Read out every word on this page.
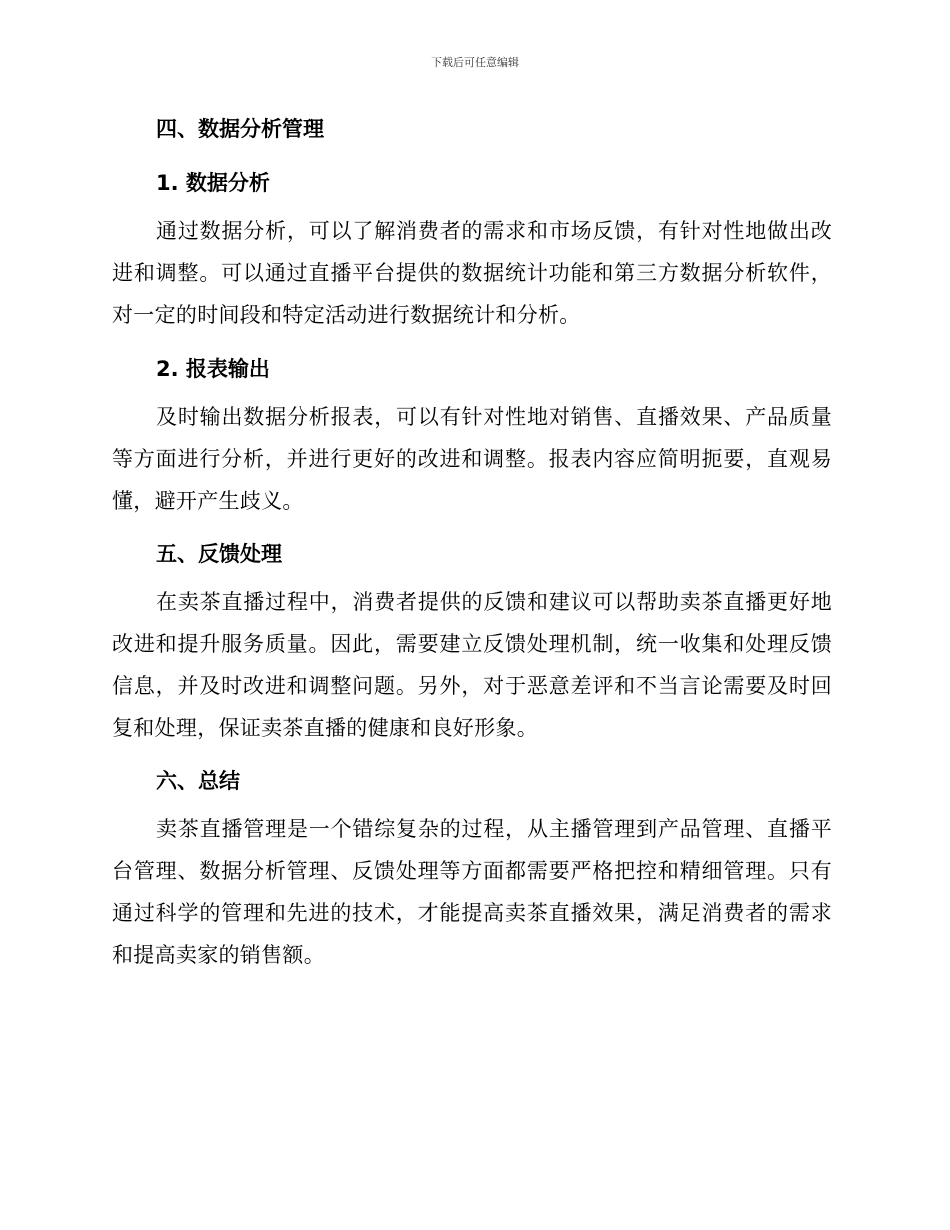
下载后可任意编辑
四、数据分析管理
1. 数据分析

通过数据分析，可以了解消费者的需求和市场反馈，有针对性地做出改进和调整。可以通过直播平台提供的数据统计功能和第三方数据分析软件，对一定的时间段和特定活动进行数据统计和分析。

2. 报表输出

及时输出数据分析报表，可以有针对性地对销售、直播效果、产品质量等方面进行分析，并进行更好的改进和调整。报表内容应简明扼要，直观易懂，避开产生歧义。

五、反馈处理

在卖茶直播过程中，消费者提供的反馈和建议可以帮助卖茶直播更好地改进和提升服务质量。因此，需要建立反馈处理机制，统一收集和处理反馈信息，并及时改进和调整问题。另外，对于恶意差评和不当言论需要及时回复和处理，保证卖茶直播的健康和良好形象。

六、总结

卖茶直播管理是一个错综复杂的过程，从主播管理到产品管理、直播平台管理、数据分析管理、反馈处理等方面都需要严格把控和精细管理。只有通过科学的管理和先进的技术，才能提高卖茶直播效果，满足消费者的需求和提高卖家的销售额。
